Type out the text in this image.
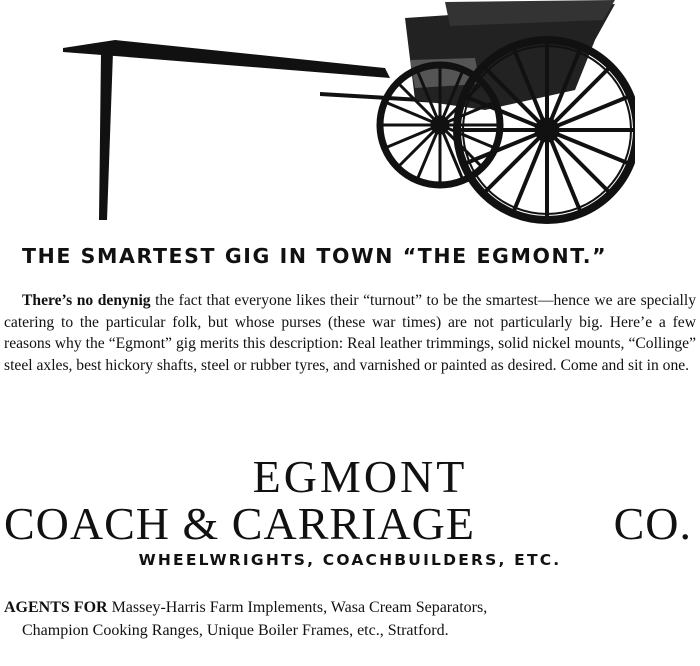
THE SMARTEST GIG IN TOWN “THE EGMONT.”

There’s no denynig the fact that everyone likes their “turnout” to be the smartest—hence we are specially catering to the particular folk, but whose purses (these war times) are not particularly big. Here’e a few reasons why the “Egmont” gig merits this description: Real leather trimmings, solid nickel mounts, “Collinge” steel axles, best hickory shafts, steel or rubber tyres, and varnished or painted as desired. Come and sit in one.

EGMONT
COACH & CARRIAGE	CO.
WHEELWRIGHTS, COACHBUILDERS, ETC.
AGENTS FOR Massey-Harris Farm Implements, Wasa Cream Separators,
Champion Cooking Ranges, Unique Boiler Frames, etc., Stratford.
